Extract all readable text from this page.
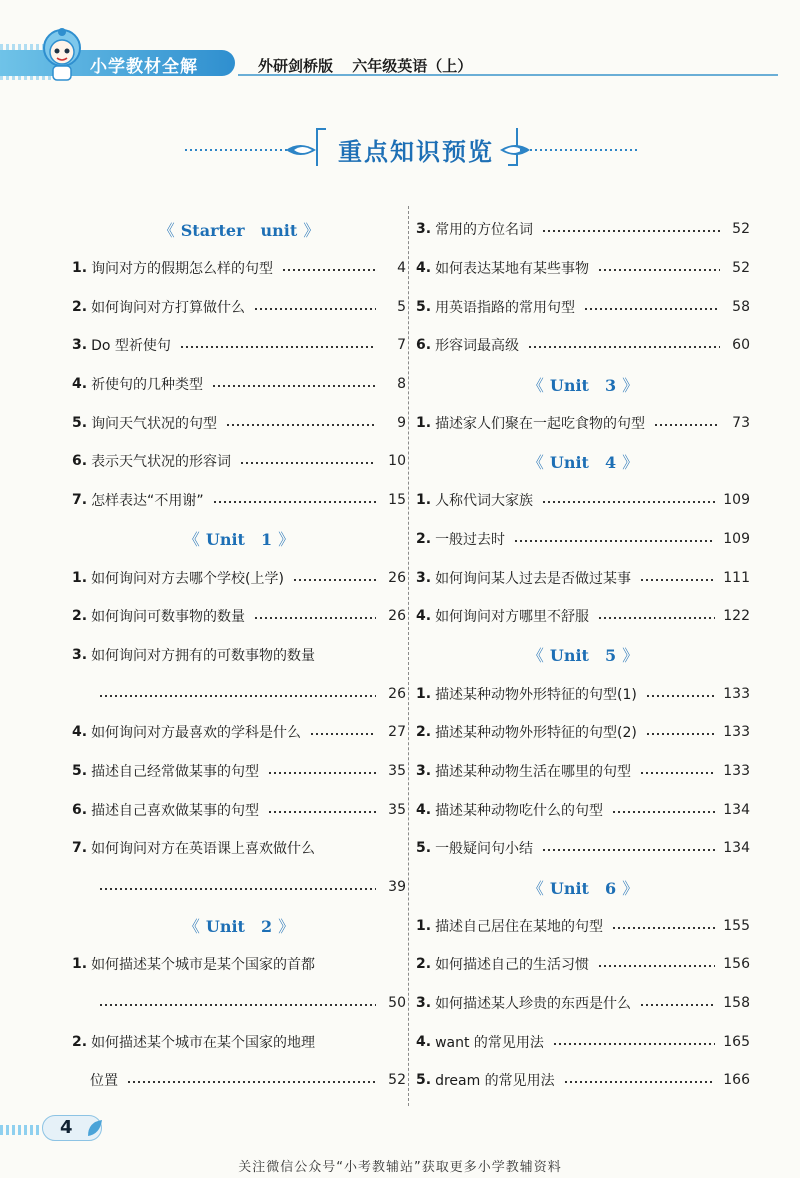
小学教材全解	外研剑桥版 六年级英语（上）
重点知识预览
《 Starter　unit 》
1. 询问对方的假期怎么样的句型	4
2. 如何询问对方打算做什么	5
3. Do 型祈使句	7
4. 祈使句的几种类型	8
5. 询问天气状况的句型	9
6. 表示天气状况的形容词	10
7. 怎样表达“不用谢”	15
《 Unit　1 》
1. 如何询问对方去哪个学校(上学)	26
2. 如何询问可数事物的数量	26
3. 如何询问对方拥有的可数事物的数量
26
4. 如何询问对方最喜欢的学科是什么	27
5. 描述自己经常做某事的句型	35
6. 描述自己喜欢做某事的句型	35
7. 如何询问对方在英语课上喜欢做什么
39
《 Unit　2 》
1. 如何描述某个城市是某个国家的首都
50
2. 如何描述某个城市在某个国家的地理
位置	52
3. 常用的方位名词	52
4. 如何表达某地有某些事物	52
5. 用英语指路的常用句型	58
6. 形容词最高级	60
《 Unit　3 》
1. 描述家人们聚在一起吃食物的句型	73
《 Unit　4 》
1. 人称代词大家族	109
2. 一般过去时	109
3. 如何询问某人过去是否做过某事	111
4. 如何询问对方哪里不舒服	122
《 Unit　5 》
1. 描述某种动物外形特征的句型(1)	133
2. 描述某种动物外形特征的句型(2)	133
3. 描述某种动物生活在哪里的句型	133
4. 描述某种动物吃什么的句型	134
5. 一般疑问句小结	134
《 Unit　6 》
1. 描述自己居住在某地的句型	155
2. 如何描述自己的生活习惯	156
3. 如何描述某人珍贵的东西是什么	158
4. want 的常见用法	165
5. dream 的常见用法	166
4
关注微信公众号“小考教辅站”获取更多小学教辅资料
